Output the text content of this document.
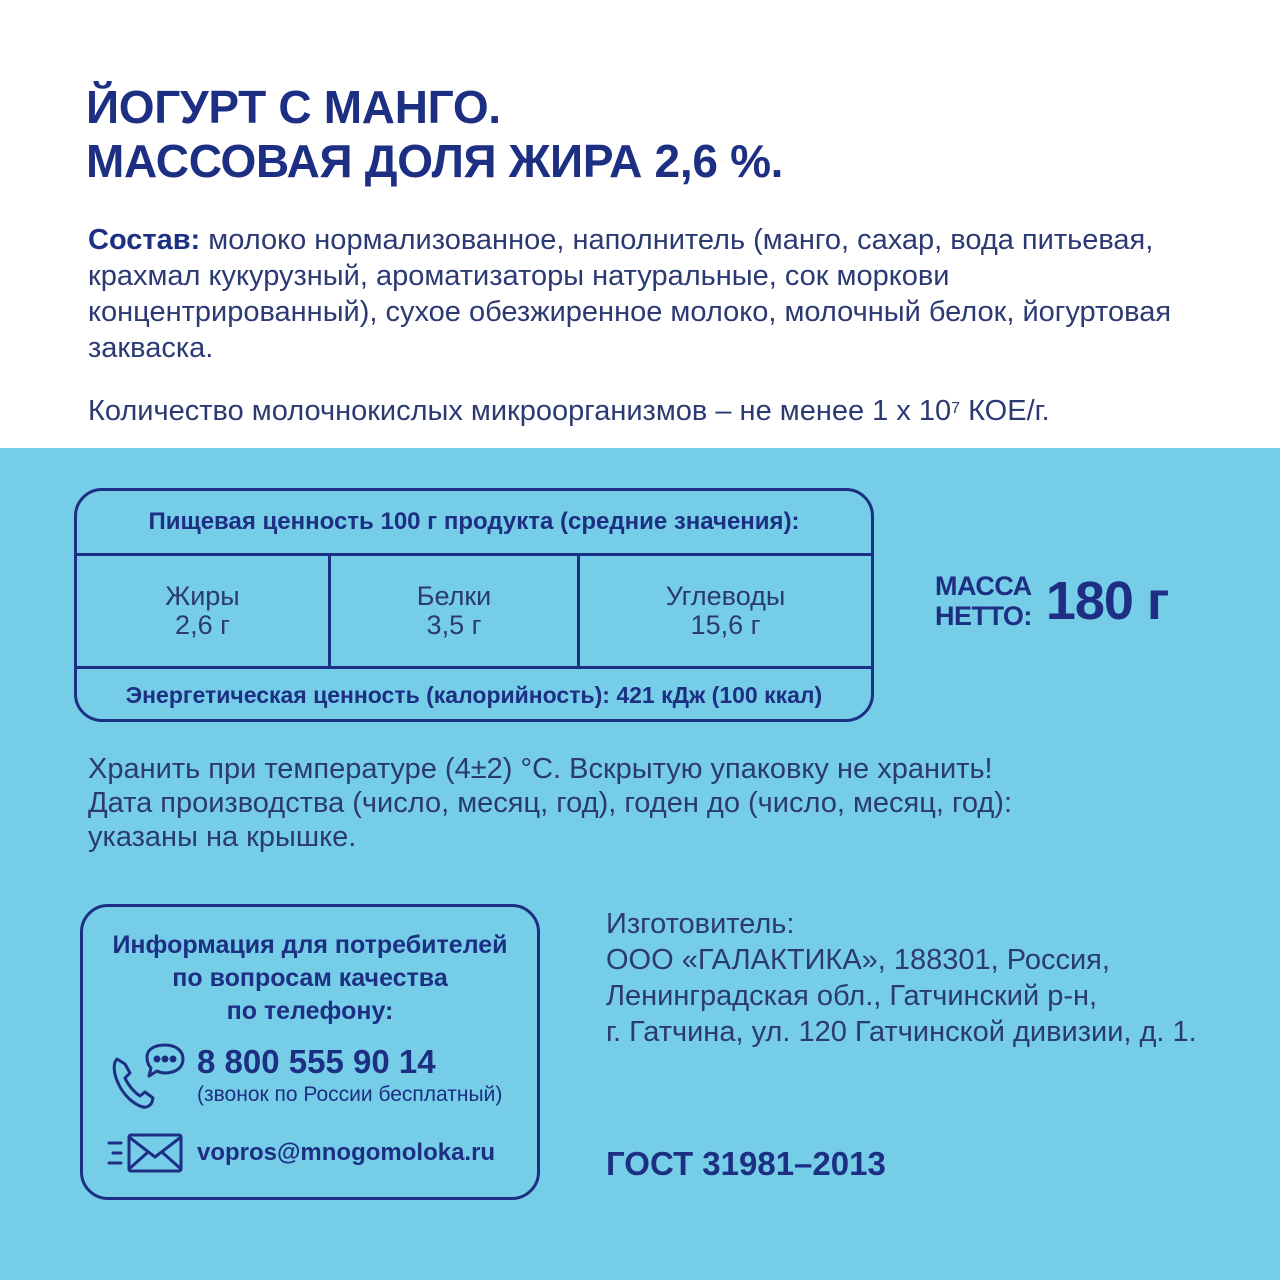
ЙОГУРТ С МАНГО.
МАССОВАЯ ДОЛЯ ЖИРА 2,6 %.
Состав: молоко нормализованное, наполнитель (манго, сахар, вода питьевая, крахмал кукурузный, ароматизаторы натуральные, сок моркови концентрированный), сухое обезжиренное молоко, молочный белок, йогуртовая закваска.
Количество молочнокислых микроорганизмов – не менее 1 х $10^7$ КОЕ/г.
Пищевая ценность 100 г продукта (средние значения):
Жиры
2,6 г
Белки
3,5 г
Углеводы
15,6 г
Энергетическая ценность (калорийность): 421 кДж (100 ккал)
МАССА
НЕТТО: 180 г
Хранить при температуре (4±2) °С. Вскрытую упаковку не хранить!
Дата производства (число, месяц, год), годен до (число, месяц, год):
указаны на крышке.
Информация для потребителей
по вопросам качества
по телефону:
8 800 555 90 14
(звонок по России бесплатный)
vopros@mnogomoloka.ru
Изготовитель:
ООО «ГАЛАКТИКА», 188301, Россия,
Ленинградская обл., Гатчинский р-н,
г. Гатчина, ул. 120 Гатчинской дивизии, д. 1.
ГОСТ 31981–2013
